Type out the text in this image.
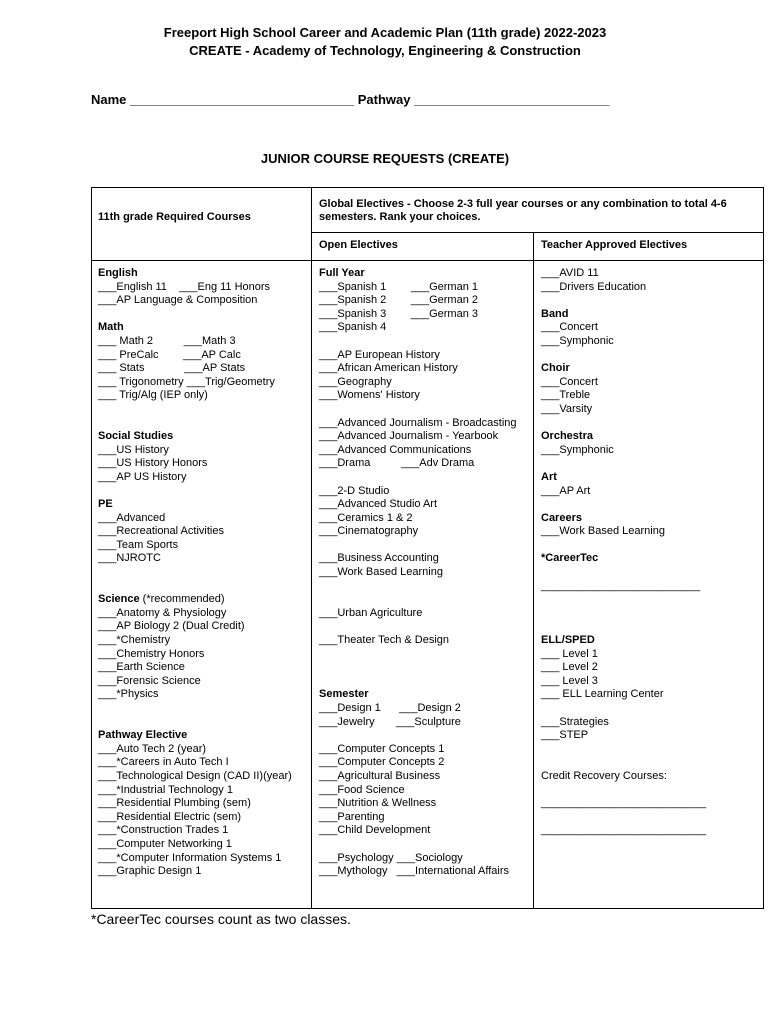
Freeport High School Career and Academic Plan (11th grade) 2022-2023
CREATE - Academy of Technology, Engineering & Construction
Name _______________________________ Pathway ___________________________
JUNIOR COURSE REQUESTS (CREATE)
11th grade Required Courses
Global Electives - Choose 2-3 full year courses or any combination to total 4-6 semesters. Rank your choices.
Open Electives	Teacher Approved Electives
English
___English 11    ___Eng 11 Honors
___AP Language & Composition
Math
___ Math 2          ___Math 3
___ PreCalc        ___AP Calc
___ Stats             ___AP Stats
___ Trigonometry ___Trig/Geometry
___ Trig/Alg (IEP only)
Social Studies
___US History
___US History Honors
___AP US History
PE
___Advanced
___Recreational Activities
___Team Sports
___NJROTC
Science (*recommended)
___Anatomy & Physiology
___AP Biology 2 (Dual Credit)
___*Chemistry
___Chemistry Honors
___Earth Science
___Forensic Science
___*Physics
Pathway Elective
___Auto Tech 2 (year)
___*Careers in Auto Tech I
___Technological Design (CAD II)(year)
___*Industrial Technology 1
___Residential Plumbing (sem)
___Residential Electric (sem)
___*Construction Trades 1
___Computer Networking 1
___*Computer Information Systems 1
___Graphic Design 1
Full Year
___Spanish 1        ___German 1
___Spanish 2        ___German 2
___Spanish 3        ___German 3
___Spanish 4
___AP European History
___African American History
___Geography
___Womens' History
___Advanced Journalism - Broadcasting
___Advanced Journalism - Yearbook
___Advanced Communications
___Drama          ___Adv Drama
___2-D Studio
___Advanced Studio Art
___Ceramics 1 & 2
___Cinematography
___Business Accounting
___Work Based Learning
___Urban Agriculture
___Theater Tech & Design
Semester
___Design 1      ___Design 2
___Jewelry       ___Sculpture
___Computer Concepts 1
___Computer Concepts 2
___Agricultural Business
___Food Science
___Nutrition & Wellness
___Parenting
___Child Development
___Psychology ___Sociology
___Mythology   ___International Affairs
___AVID 11
___Drivers Education
Band
___Concert
___Symphonic
Choir
___Concert
___Treble
___Varsity
Orchestra
___Symphonic
Art
___AP Art
Careers
___Work Based Learning
*CareerTec
__________________________
ELL/SPED
___ Level 1
___ Level 2
___ Level 3
___ ELL Learning Center
___Strategies
___STEP
Credit Recovery Courses:
___________________________
___________________________
*CareerTec courses count as two classes.
